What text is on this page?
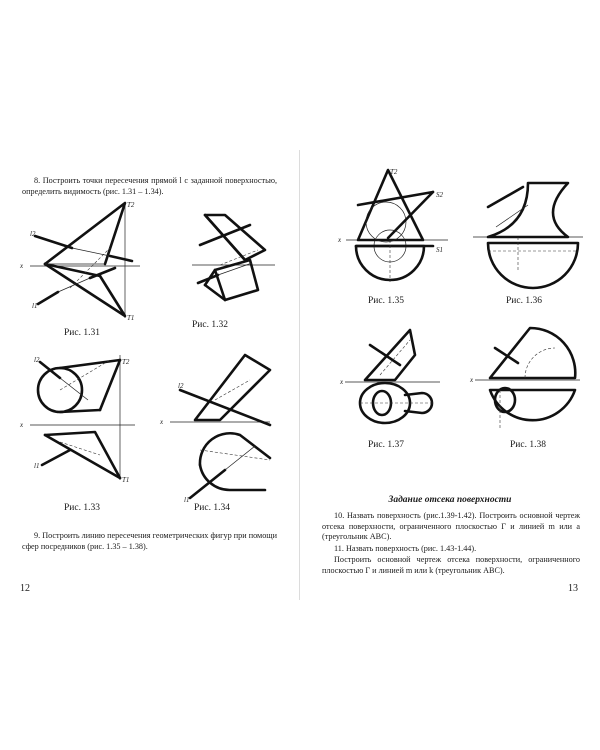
8. Построить точки пересечения прямой l с заданной поверхностью, определить видимость (рис. 1.31 – 1.34).

x
l2
l1
T2
T1
Рис. 1.31
Рис. 1.32
x
l2
l1
T2
T1
Рис. 1.33
x
l1
l2
Рис. 1.34

9. Построить линию пересечения геометрических фигур при помощи сфер посредников (рис. 1.35 – 1.38).

12
x
T2
S2
S1
Рис. 1.35	Рис. 1.36
x
Рис. 1.37
x
Рис. 1.38
Задание отсека поверхности

10. Назвать поверхность (рис.1.39-1.42). Построить основной чертеж отсека поверхности, ограниченного плоскостью Г и линией m или a (треугольник ABC).

11. Назвать поверхность (рис. 1.43-1.44).

Построить основной чертеж отсека поверхности, ограниченного плоскостью Г и линией m или k (треугольник ABC).

13
